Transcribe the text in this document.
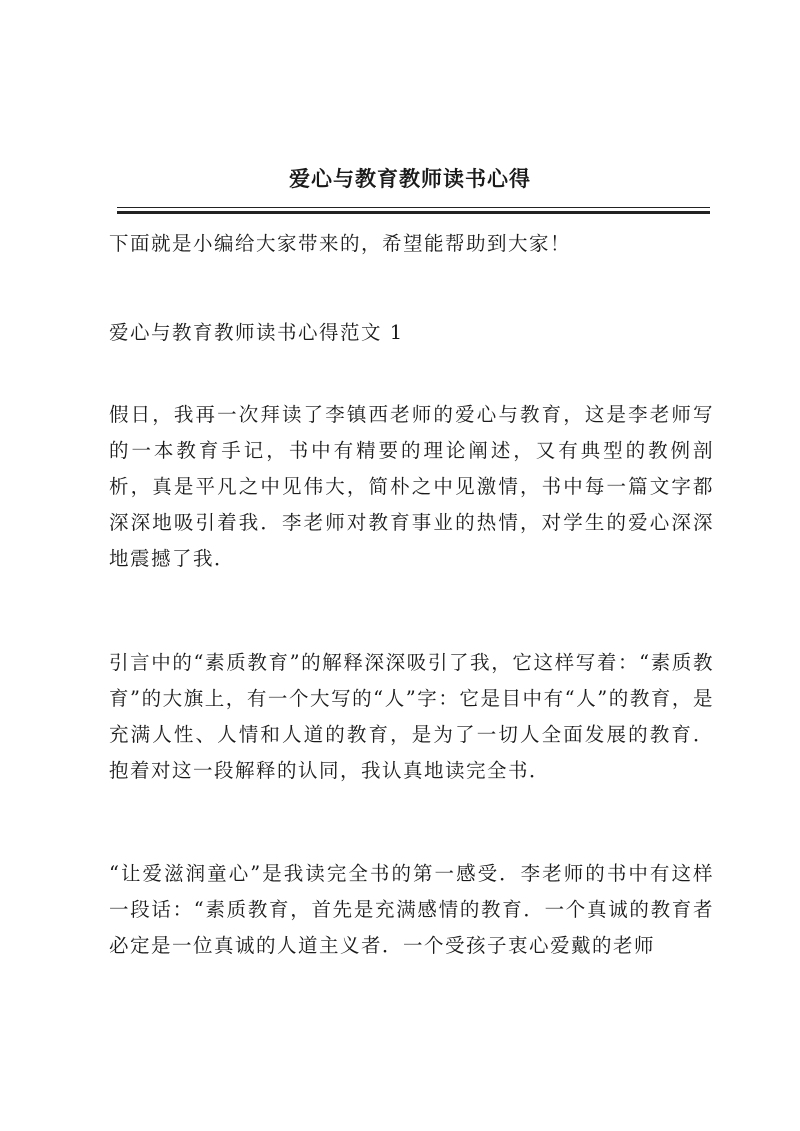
爱心与教育教师读书心得

下面就是小编给大家带来的，希望能帮助到大家！

爱心与教育教师读书心得范文 1

假日，我再一次拜读了李镇西老师的爱心与教育，这是李老师写的一本教育手记，书中有精要的理论阐述，又有典型的教例剖析，真是平凡之中见伟大，简朴之中见激情，书中每一篇文字都深深地吸引着我．李老师对教育事业的热情，对学生的爱心深深地震撼了我．

引言中的“素质教育”的解释深深吸引了我，它这样写着：“素质教育”的大旗上，有一个大写的“人”字：它是目中有“人”的教育，是充满人性、人情和人道的教育，是为了一切人全面发展的教育．抱着对这一段解释的认同，我认真地读完全书．

“让爱滋润童心”是我读完全书的第一感受．李老师的书中有这样一段话：“素质教育，首先是充满感情的教育．一个真诚的教育者必定是一位真诚的人道主义者．一个受孩子衷心爱戴的老师
